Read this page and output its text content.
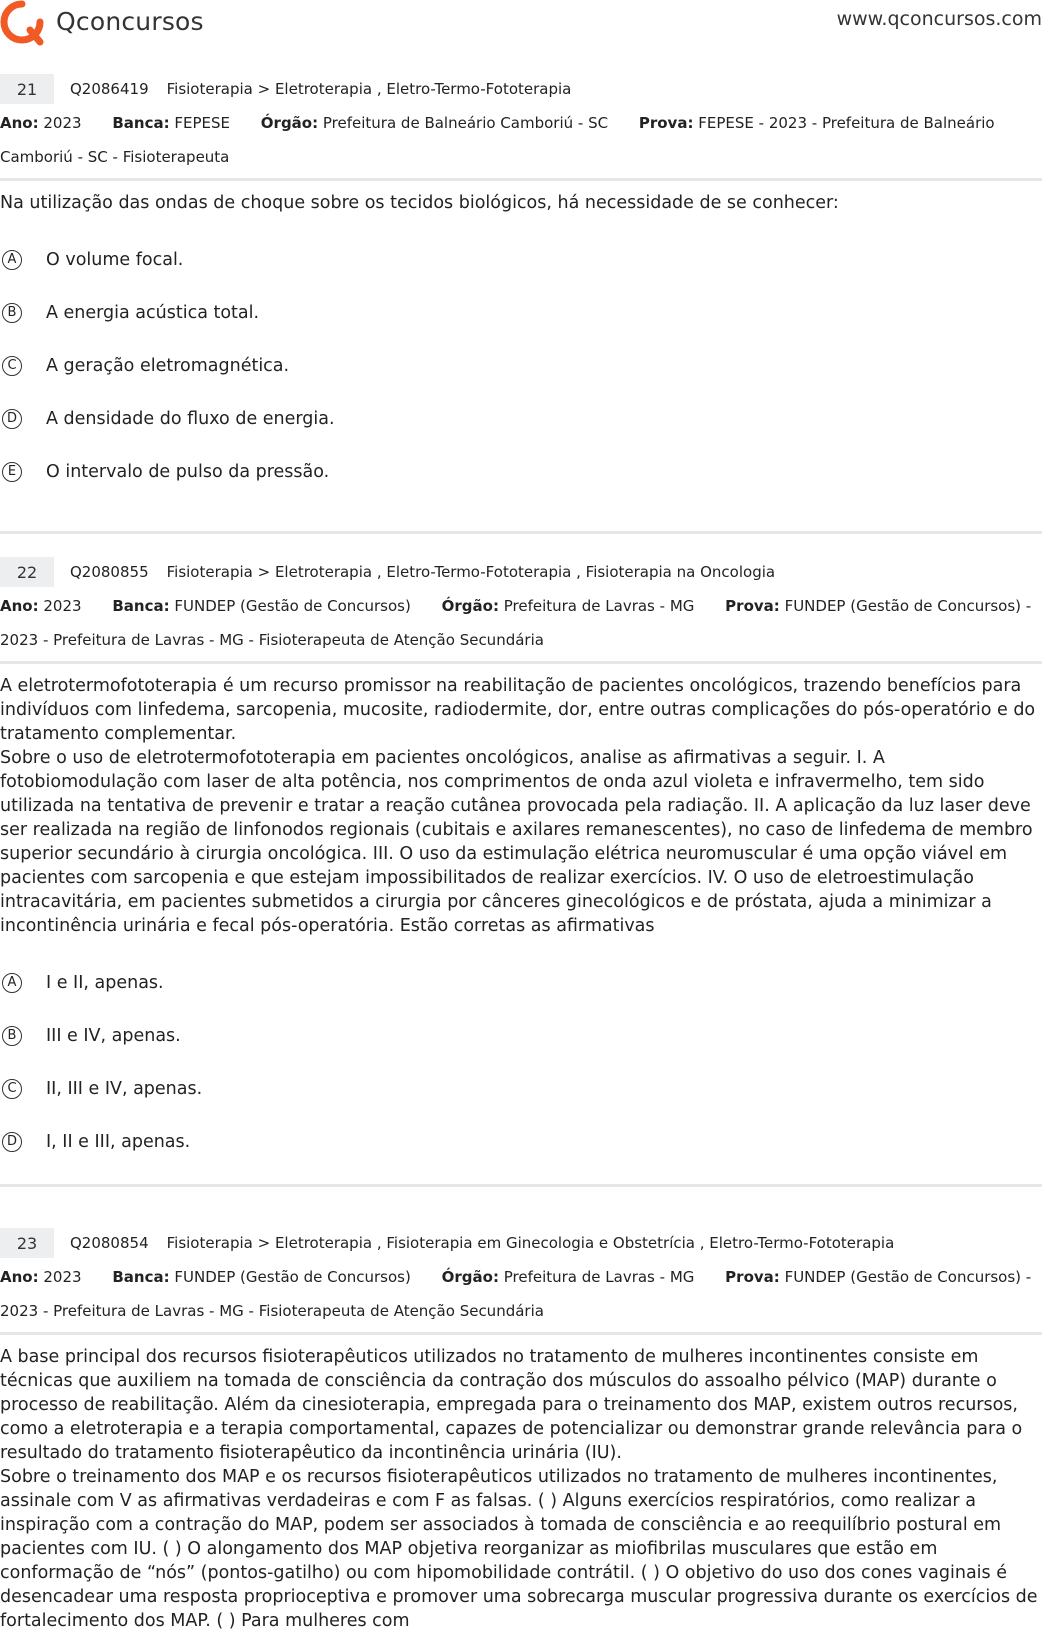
Qconcursos	www.qconcursos.com
21	Q2086419 Fisioterapia > Eletroterapia , Eletro-Termo-Fototerapia
Ano: 2023 Banca: FEPESE Órgão: Prefeitura de Balneário Camboriú - SC Prova: FEPESE - 2023 - Prefeitura de Balneário Camboriú - SC - Fisioterapeuta

Na utilização das ondas de choque sobre os tecidos biológicos, há necessidade de se conhecer:

A	O volume focal.
B	A energia acústica total.
C	A geração eletromagnética.
D A densidade do fluxo de energia.
E	O intervalo de pulso da pressão.
22	Q2080855 Fisioterapia > Eletroterapia , Eletro-Termo-Fototerapia , Fisioterapia na Oncologia
Ano: 2023 Banca: FUNDEP (Gestão de Concursos) Órgão: Prefeitura de Lavras - MG Prova: FUNDEP (Gestão de Concursos) - 2023 - Prefeitura de Lavras - MG - Fisioterapeuta de Atenção Secundária

A eletrotermofototerapia é um recurso promissor na reabilitação de pacientes oncológicos, trazendo benefícios para indivíduos com linfedema, sarcopenia, mucosite, radiodermite, dor, entre outras complicações do pós-operatório e do tratamento complementar.

Sobre o uso de eletrotermofototerapia em pacientes oncológicos, analise as afirmativas a seguir. I. A fotobiomodulação com laser de alta potência, nos comprimentos de onda azul violeta e infravermelho, tem sido utilizada na tentativa de prevenir e tratar a reação cutânea provocada pela radiação. II. A aplicação da luz laser deve ser realizada na região de linfonodos regionais (cubitais e axilares remanescentes), no caso de linfedema de membro superior secundário à cirurgia oncológica. III. O uso da estimulação elétrica neuromuscular é uma opção viável em pacientes com sarcopenia e que estejam impossibilitados de realizar exercícios. IV. O uso de eletroestimulação intracavitária, em pacientes submetidos a cirurgia por cânceres ginecológicos e de próstata, ajuda a minimizar a incontinência urinária e fecal pós-operatória. Estão corretas as afirmativas

A	I e II, apenas.
B	III e IV, apenas.
C	II, III e IV, apenas.
D I, II e III, apenas.
23	Q2080854 Fisioterapia > Eletroterapia , Fisioterapia em Ginecologia e Obstetrícia , Eletro-Termo-Fototerapia
Ano: 2023 Banca: FUNDEP (Gestão de Concursos) Órgão: Prefeitura de Lavras - MG Prova: FUNDEP (Gestão de Concursos) - 2023 - Prefeitura de Lavras - MG - Fisioterapeuta de Atenção Secundária

A base principal dos recursos fisioterapêuticos utilizados no tratamento de mulheres incontinentes consiste em técnicas que auxiliem na tomada de consciência da contração dos músculos do assoalho pélvico (MAP) durante o processo de reabilitação. Além da cinesioterapia, empregada para o treinamento dos MAP, existem outros recursos, como a eletroterapia e a terapia comportamental, capazes de potencializar ou demonstrar grande relevância para o resultado do tratamento fisioterapêutico da incontinência urinária (IU).

Sobre o treinamento dos MAP e os recursos fisioterapêuticos utilizados no tratamento de mulheres incontinentes, assinale com V as afirmativas verdadeiras e com F as falsas. ( ) Alguns exercícios respiratórios, como realizar a inspiração com a contração do MAP, podem ser associados à tomada de consciência e ao reequilíbrio postural em pacientes com IU. ( ) O alongamento dos MAP objetiva reorganizar as miofibrilas musculares que estão em conformação de “nós” (pontos-gatilho) ou com hipomobilidade contrátil. ( ) O objetivo do uso dos cones vaginais é desencadear uma resposta proprioceptiva e promover uma sobrecarga muscular progressiva durante os exercícios de fortalecimento dos MAP. ( ) Para mulheres com
